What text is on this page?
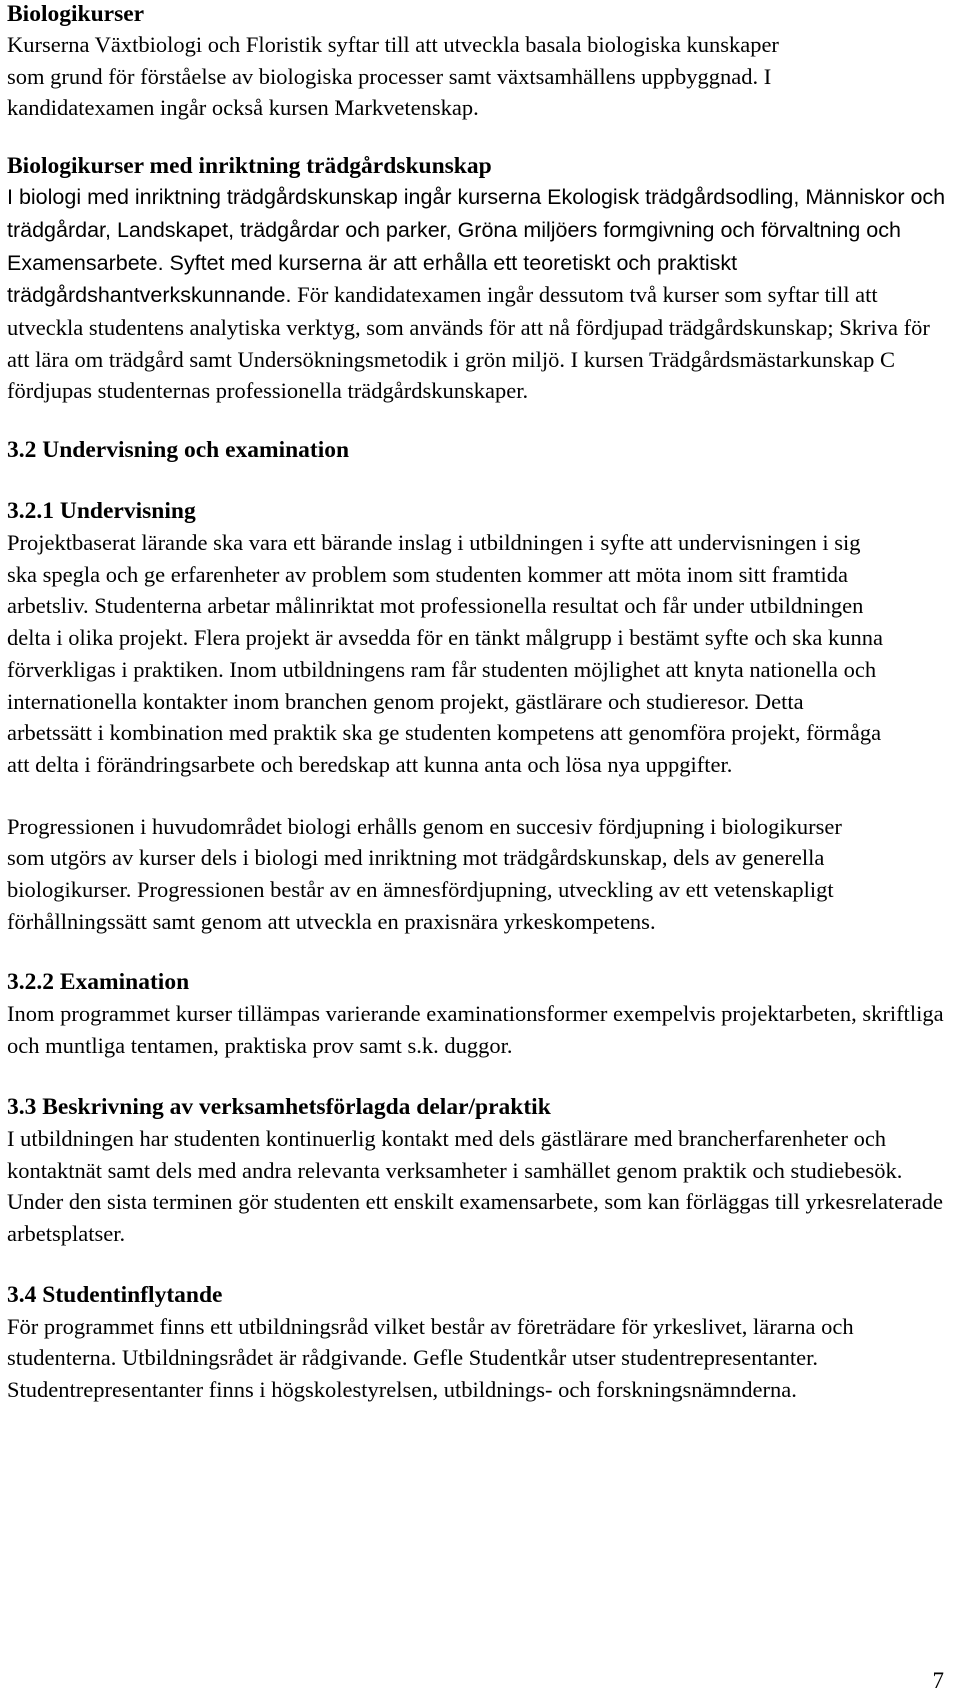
Biologikurser

Kurserna Växtbiologi och Floristik syftar till att utveckla basala biologiska kunskaper som grund för förståelse av biologiska processer samt växtsamhällens uppbyggnad. I kandidatexamen ingår också kursen Markvetenskap.

Biologikurser med inriktning trädgårdskunskap

I biologi med inriktning trädgårdskunskap ingår kurserna Ekologisk trädgårdsodling, Människor och trädgårdar, Landskapet, trädgårdar och parker, Gröna miljöers formgivning och förvaltning och Examensarbete. Syftet med kurserna är att erhålla ett teoretiskt och praktiskt trädgårdshantverkskunnande. För kandidatexamen ingår dessutom två kurser som syftar till att utveckla studentens analytiska verktyg, som används för att nå fördjupad trädgårdskunskap; Skriva för att lära om trädgård samt Undersökningsmetodik i grön miljö. I kursen Trädgårdsmästarkunskap C fördjupas studenternas professionella trädgårdskunskaper.

3.2 Undervisning och examination
3.2.1 Undervisning

Projektbaserat lärande ska vara ett bärande inslag i utbildningen i syfte att undervisningen i sig ska spegla och ge erfarenheter av problem som studenten kommer att möta inom sitt framtida arbetsliv. Studenterna arbetar målinriktat mot professionella resultat och får under utbildningen delta i olika projekt. Flera projekt är avsedda för en tänkt målgrupp i bestämt syfte och ska kunna förverkligas i praktiken. Inom utbildningens ram får studenten möjlighet att knyta nationella och internationella kontakter inom branchen genom projekt, gästlärare och studieresor. Detta arbetssätt i kombination med praktik ska ge studenten kompetens att genomföra projekt, förmåga att delta i förändringsarbete och beredskap att kunna anta och lösa nya uppgifter.

Progressionen i huvudområdet biologi erhålls genom en succesiv fördjupning i biologikurser som utgörs av kurser dels i biologi med inriktning mot trädgårdskunskap, dels av generella biologikurser. Progressionen består av en ämnesfördjupning, utveckling av ett vetenskapligt förhållningssätt samt genom att utveckla en praxisnära yrkeskompetens.

3.2.2 Examination

Inom programmet kurser tillämpas varierande examinationsformer exempelvis projektarbeten, skriftliga och muntliga tentamen, praktiska prov samt s.k. duggor.

3.3 Beskrivning av verksamhetsförlagda delar/praktik

I utbildningen har studenten kontinuerlig kontakt med dels gästlärare med brancherfarenheter och kontaktnät samt dels med andra relevanta verksamheter i samhället genom praktik och studiebesök. Under den sista terminen gör studenten ett enskilt examensarbete, som kan förläggas till yrkesrelaterade arbetsplatser.

3.4 Studentinflytande

För programmet finns ett utbildningsråd vilket består av företrädare för yrkeslivet, lärarna och studenterna. Utbildningsrådet är rådgivande. Gefle Studentkår utser studentrepresentanter. Studentrepresentanter finns i högskolestyrelsen, utbildnings- och forskningsnämnderna.

7
